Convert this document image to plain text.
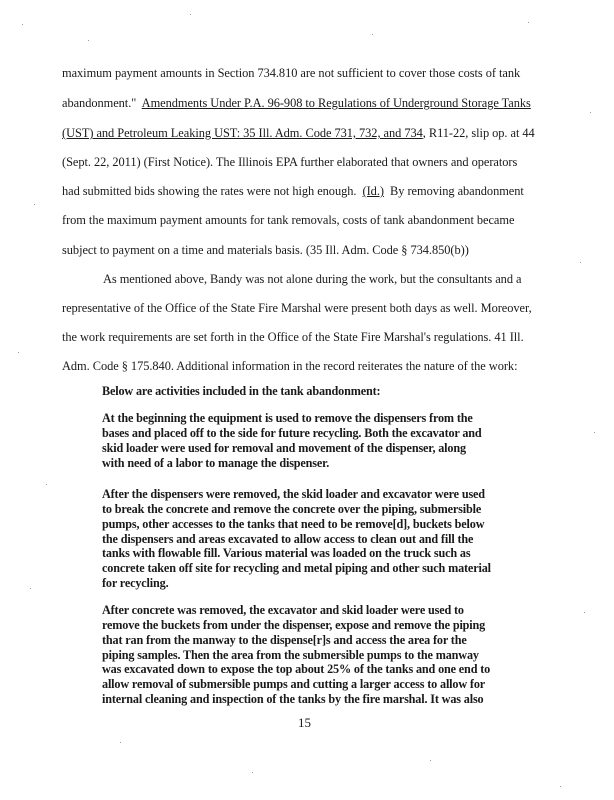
maximum payment amounts in Section 734.810 are not sufficient to cover those costs of tank
abandonment."  Amendments Under P.A. 96-908 to Regulations of Underground Storage Tanks
(UST) and Petroleum Leaking UST: 35 Ill. Adm. Code 731, 732, and 734, R11-22, slip op. at 44
(Sept. 22, 2011) (First Notice). The Illinois EPA further elaborated that owners and operators
had submitted bids showing the rates were not high enough.  (Id.)  By removing abandonment
from the maximum payment amounts for tank removals, costs of tank abandonment became
subject to payment on a time and materials basis. (35 Ill. Adm. Code § 734.850(b))
As mentioned above, Bandy was not alone during the work, but the consultants and a
representative of the Office of the State Fire Marshal were present both days as well. Moreover,
the work requirements are set forth in the Office of the State Fire Marshal's regulations. 41 Ill.
Adm. Code § 175.840. Additional information in the record reiterates the nature of the work:
Below are activities included in the tank abandonment:
At the beginning the equipment is used to remove the dispensers from the
bases and placed off to the side for future recycling. Both the excavator and
skid loader were used for removal and movement of the dispenser, along
with need of a labor to manage the dispenser.
After the dispensers were removed, the skid loader and excavator were used
to break the concrete and remove the concrete over the piping, submersible
pumps, other accesses to the tanks that need to be remove[d], buckets below
the dispensers and areas excavated to allow access to clean out and fill the
tanks with flowable fill. Various material was loaded on the truck such as
concrete taken off site for recycling and metal piping and other such material
for recycling.
After concrete was removed, the excavator and skid loader were used to
remove the buckets from under the dispenser, expose and remove the piping
that ran from the manway to the dispense[r]s and access the area for the
piping samples. Then the area from the submersible pumps to the manway
was excavated down to expose the top about 25% of the tanks and one end to
allow removal of submersible pumps and cutting a larger access to allow for
internal cleaning and inspection of the tanks by the fire marshal. It was also
15
